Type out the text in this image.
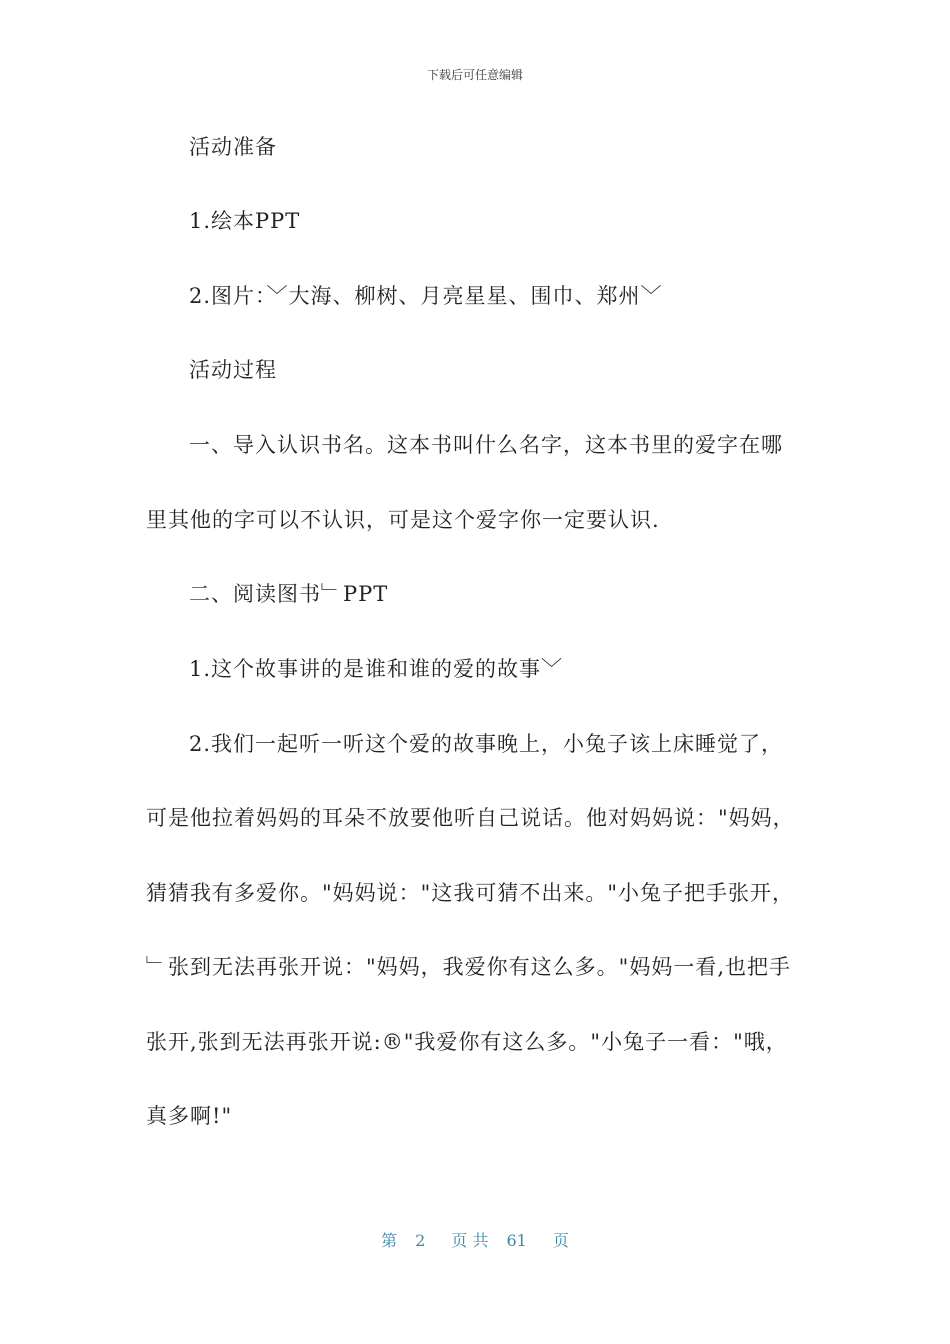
下载后可任意编辑
活动准备
1.绘本PPT
2.图片：﹀大海、柳树、月亮星星、围巾、郑州﹀
活动过程
一、导入认识书名。这本书叫什么名字，这本书里的爱字在哪
里其他的字可以不认识，可是这个爱字你一定要认识.
二、阅读图书﹂PPT
1.这个故事讲的是谁和谁的爱的故事﹀
2.我们一起听一听这个爱的故事晚上，小兔子该上床睡觉了，
可是他拉着妈妈的耳朵不放要他听自己说话。他对妈妈说："妈妈，
猜猜我有多爱你。"妈妈说："这我可猜不出来。"小兔子把手张开，
﹂张到无法再张开说："妈妈，我爱你有这么多。"妈妈一看,也把手
张开,张到无法再张开说:®"我爱你有这么多。"小兔子一看："哦，
真多啊!"
第 2 页 共 61 页
